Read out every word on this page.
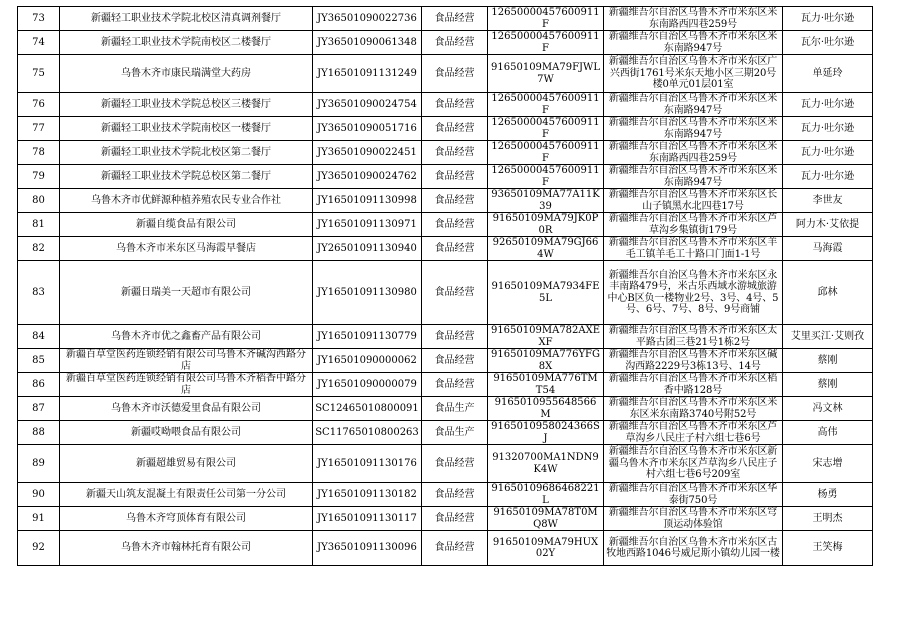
73	新疆轻工职业技术学院北校区清真调剂餐厅	JY36501090022736	食品经营	12650000457600911F	新疆维吾尔自治区乌鲁木齐市米东区米东南路西四巷259号	瓦力·吐尔逊
74	新疆轻工职业技术学院南校区二楼餐厅	JY36501090061348	食品经营	12650000457600911F	新疆维吾尔自治区乌鲁木齐市米东区米东南路947号	瓦尔·吐尔逊
75	乌鲁木齐市康民瑞满堂大药房	JY16501091131249	食品经营	91650109MA79FJWL7W	新疆维吾尔自治区乌鲁木齐市米东区广兴西街1761号米东天地小区三期20号楼0单元01层01室	单延玲
76	新疆轻工职业技术学院总校区三楼餐厅	JY36501090024754	食品经营	12650000457600911F	新疆维吾尔自治区乌鲁木齐市米东区米东南路947号	瓦力·吐尔逊
77	新疆轻工职业技术学院南校区一楼餐厅	JY36501090051716	食品经营	12650000457600911F	新疆维吾尔自治区乌鲁木齐市米东区米东南路947号	瓦力·吐尔逊
78	新疆轻工职业技术学院北校区第二餐厅	JY36501090022451	食品经营	12650000457600911F	新疆维吾尔自治区乌鲁木齐市米东区米东南路西四巷259号	瓦力·吐尔逊
79	新疆轻工职业技术学院总校区第二餐厅	JY36501090024762	食品经营	12650000457600911F	新疆维吾尔自治区乌鲁木齐市米东区米东南路947号	瓦力·吐尔逊
80	乌鲁木齐市优鲜源种植养殖农民专业合作社	JY16501091130998	食品经营	93650109MA77A11K39	新疆维吾尔自治区乌鲁木齐市米东区长山子镇黑水北四巷17号	李世友
81	新疆自缆食品有限公司	JY16501091130971	食品经营	91650109MA79JK0P0R	新疆维吾尔自治区乌鲁木齐市米东区芦草沟乡集镇街179号	阿力木·艾依提
82	乌鲁木齐市米东区马海霞早餐店	JY26501091130940	食品经营	92650109MA79GJ664W	新疆维吾尔自治区乌鲁木齐市米东区羊毛工镇羊毛工十路口门面1-1号	马海霞
83	新疆日瑞美一天超市有限公司	JY16501091130980	食品经营	91650109MA7934FE5L	新疆维吾尔自治区乌鲁木齐市米东区永丰南路479号，米古乐西域水游城旅游中心B区负一楼物业2号、3号、4号、5号、6号、7号、8号、9号商铺	邱林
84	乌鲁木齐市优之鑫畜产品有限公司	JY16501091130779	食品经营	91650109MA782AXEXF	新疆维吾尔自治区乌鲁木齐市米东区太平路古团三巷21号1栋2号	艾里买江·艾则孜
85	新疆百草堂医药连锁经销有限公司乌鲁木齐碱沟西路分店	JY16501090000062	食品经营	91650109MA776YFG8X	新疆维吾尔自治区乌鲁木齐市米东区碱沟西路2229号3栋13号、14号	蔡刚
86	新疆百草堂医药连锁经销有限公司乌鲁木齐稻香中路分店	JY16501090000079	食品经营	91650109MA776TMT54	新疆维吾尔自治区乌鲁木齐市米东区稻香中路128号	蔡刚
87	乌鲁木齐市沃德爱里食品有限公司	SC12465010800091	食品生产	9165010955648566M	新疆维吾尔自治区乌鲁木齐市米东区米东区米东南路3740号附52号	冯文林
88	新疆哎呦喂食品有限公司	SC11765010800263	食品生产	9165010958024366SJ	新疆维吾尔自治区乌鲁木齐市米东区芦草沟乡八民庄子村六组七巷6号	高伟
89	新疆超雄贸易有限公司	JY16501091130176	食品经营	91320700MA1NDN9K4W	新疆维吾尔自治区乌鲁木齐市米东区新疆乌鲁木齐市米东区芦草沟乡八民庄子村六组七巷6号209室	宋志增
90	新疆天山筑友混凝土有限责任公司第一分公司	JY16501091130182	食品经营	91650109686468221L	新疆维吾尔自治区乌鲁木齐市米东区华泰街750号	杨勇
91	乌鲁木齐穹顶体育有限公司	JY16501091130117	食品经营	91650109MA78T0MQ8W	新疆维吾尔自治区乌鲁木齐市米东区穹顶运动体验馆	王明杰
92	乌鲁木齐市翰林托育有限公司	JY36501091130096	食品经营	91650109MA79HUX02Y	新疆维吾尔自治区乌鲁木齐市米东区古牧地西路1046号威尼斯小镇幼儿园一楼	王笑梅
